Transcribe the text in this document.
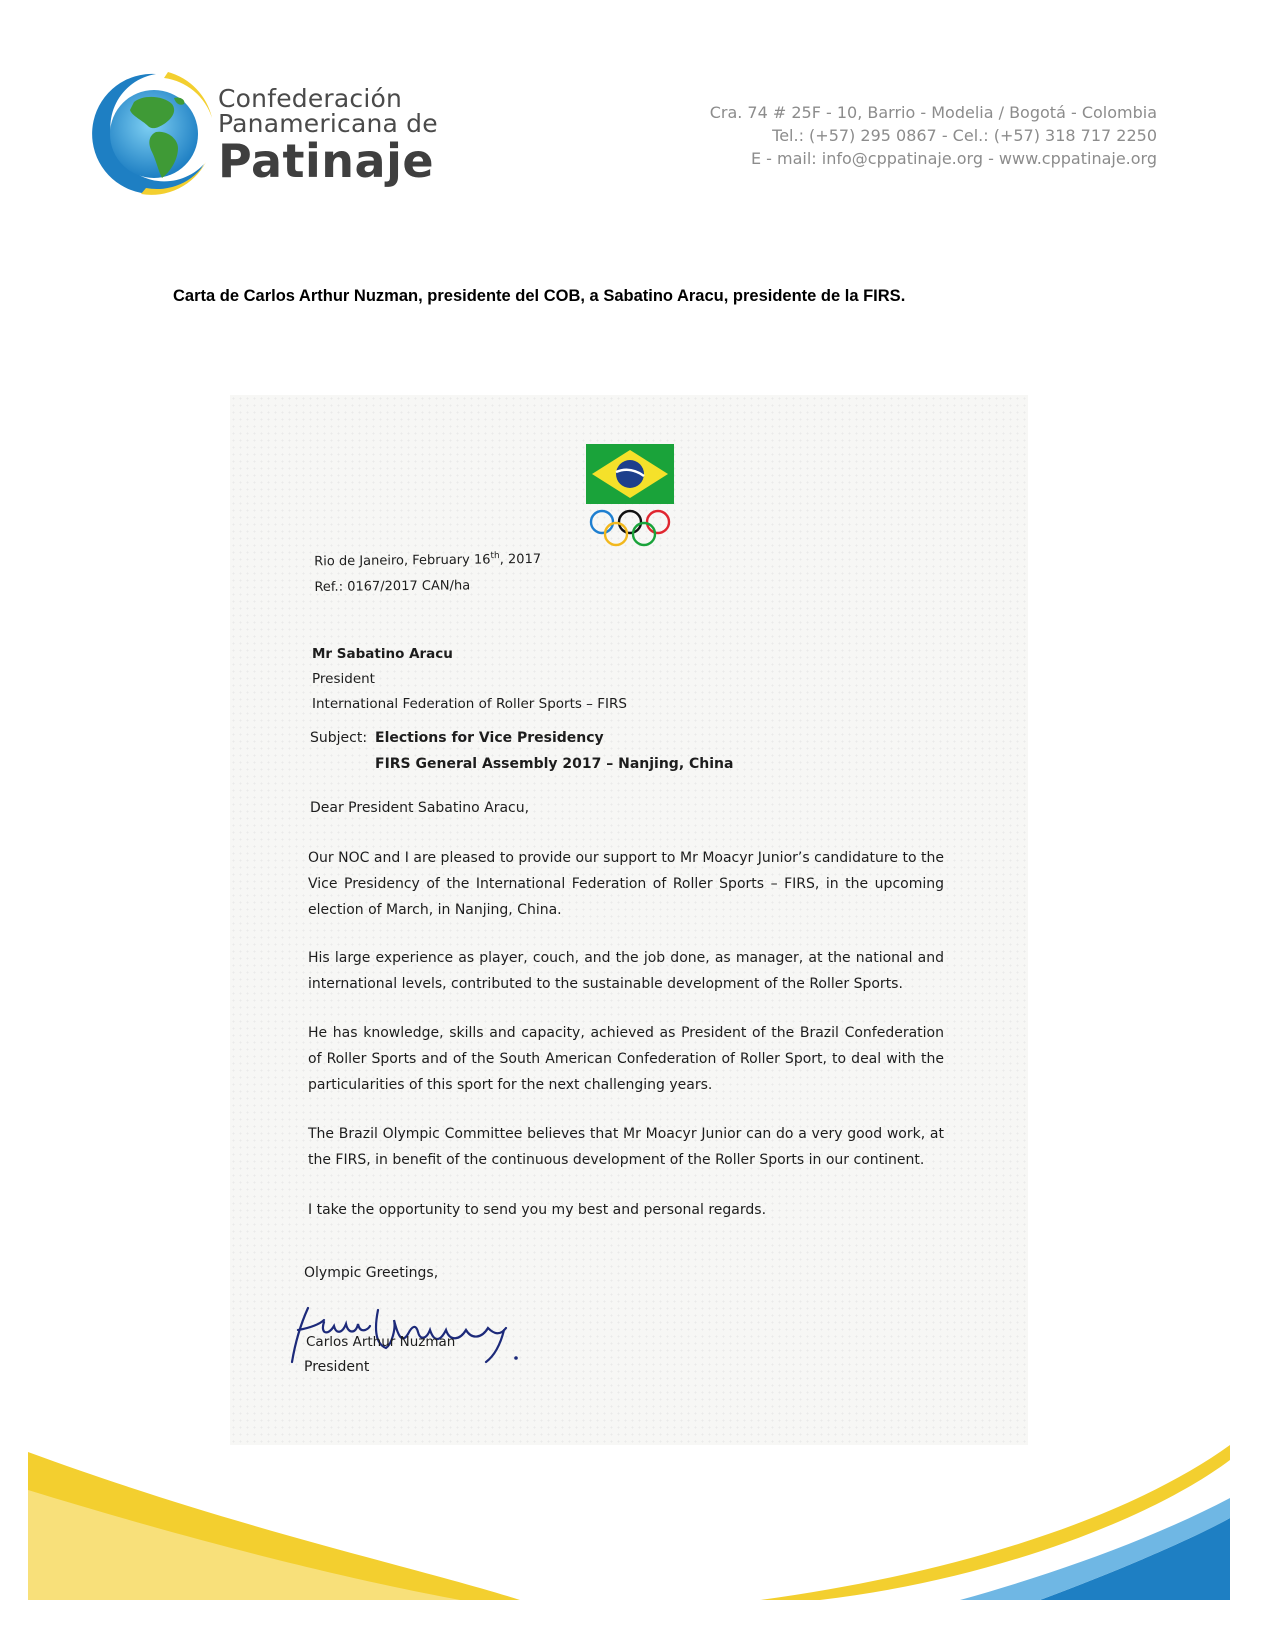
Confederación
Panamericana de
Patinaje
Cra. 74 # 25F - 10, Barrio - Modelia / Bogotá - Colombia
Tel.: (+57) 295 0867 - Cel.: (+57) 318 717 2250
E - mail: info@cppatinaje.org - www.cppatinaje.org
Carta de Carlos Arthur Nuzman, presidente del COB, a Sabatino Aracu, presidente de la FIRS.
Rio de Janeiro, February 16th, 2017
Ref.: 0167/2017 CAN/ha
Mr Sabatino Aracu
President
International Federation of Roller Sports – FIRS
Subject: Elections for Vice Presidency
FIRS General Assembly 2017 – Nanjing, China
Dear President Sabatino Aracu,
Our NOC and I are pleased to provide our support to Mr Moacyr Junior’s candidature to the Vice Presidency of the International Federation of Roller Sports – FIRS, in the upcoming election of March, in Nanjing, China.
His large experience as player, couch, and the job done, as manager, at the national and international levels, contributed to the sustainable development of the Roller Sports.
He has knowledge, skills and capacity, achieved as President of the Brazil Confederation of Roller Sports and of the South American Confederation of Roller Sport, to deal with the particularities of this sport for the next challenging years.
The Brazil Olympic Committee believes that Mr Moacyr Junior can do a very good work, at the FIRS, in benefit of the continuous development of the Roller Sports in our continent.
I take the opportunity to send you my best and personal regards.
Olympic Greetings,
Carlos Arthur Nuzman
President
